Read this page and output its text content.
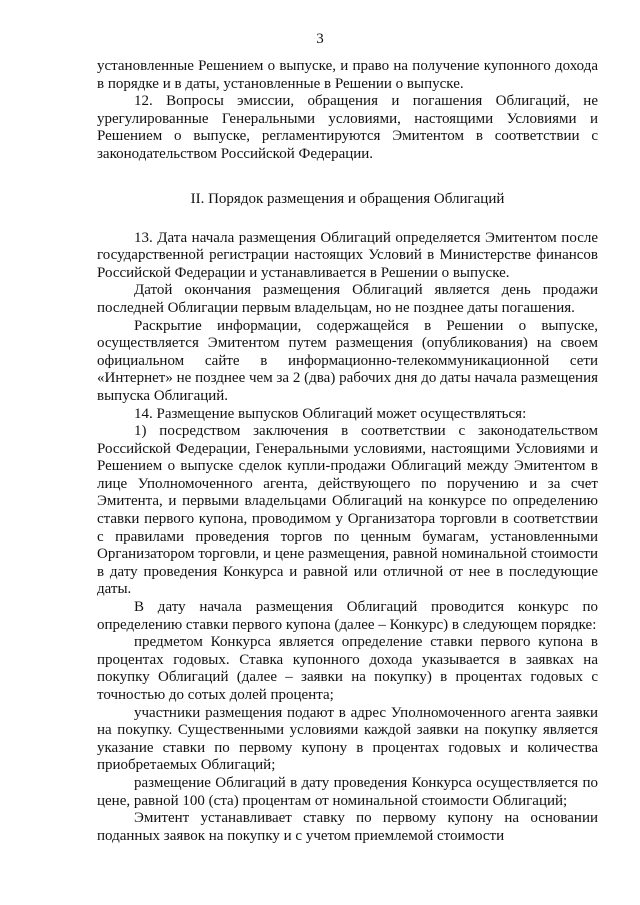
3

установленные Решением о выпуске, и право на получение купонного дохода в порядке и в даты, установленные в Решении о выпуске.

12. Вопросы эмиссии, обращения и погашения Облигаций, не урегулированные Генеральными условиями, настоящими Условиями и Решением о выпуске, регламентируются Эмитентом в соответствии с законодательством Российской Федерации.

II. Порядок размещения и обращения Облигаций

13. Дата начала размещения Облигаций определяется Эмитентом после государственной регистрации настоящих Условий в Министерстве финансов Российской Федерации и устанавливается в Решении о выпуске.

Датой окончания размещения Облигаций является день продажи последней Облигации первым владельцам, но не позднее даты погашения.

Раскрытие информации, содержащейся в Решении о выпуске, осуществляется Эмитентом путем размещения (опубликования) на своем официальном сайте в информационно-телекоммуникационной сети «Интернет» не позднее чем за 2 (два) рабочих дня до даты начала размещения выпуска Облигаций.

14. Размещение выпусков Облигаций может осуществляться:

1) посредством заключения в соответствии с законодательством Российской Федерации, Генеральными условиями, настоящими Условиями и Решением о выпуске сделок купли-продажи Облигаций между Эмитентом в лице Уполномоченного агента, действующего по поручению и за счет Эмитента, и первыми владельцами Облигаций на конкурсе по определению ставки первого купона, проводимом у Организатора торговли в соответствии с правилами проведения торгов по ценным бумагам, установленными Организатором торговли, и цене размещения, равной номинальной стоимости в дату проведения Конкурса и равной или отличной от нее в последующие даты.

В дату начала размещения Облигаций проводится конкурс по определению ставки первого купона (далее – Конкурс) в следующем порядке:

предметом Конкурса является определение ставки первого купона в процентах годовых. Ставка купонного дохода указывается в заявках на покупку Облигаций (далее – заявки на покупку) в процентах годовых с точностью до сотых долей процента;

участники размещения подают в адрес Уполномоченного агента заявки на покупку. Существенными условиями каждой заявки на покупку является указание ставки по первому купону в процентах годовых и количества приобретаемых Облигаций;

размещение Облигаций в дату проведения Конкурса осуществляется по цене, равной 100 (ста) процентам от номинальной стоимости Облигаций;

Эмитент устанавливает ставку по первому купону на основании поданных заявок на покупку и с учетом приемлемой стоимости
